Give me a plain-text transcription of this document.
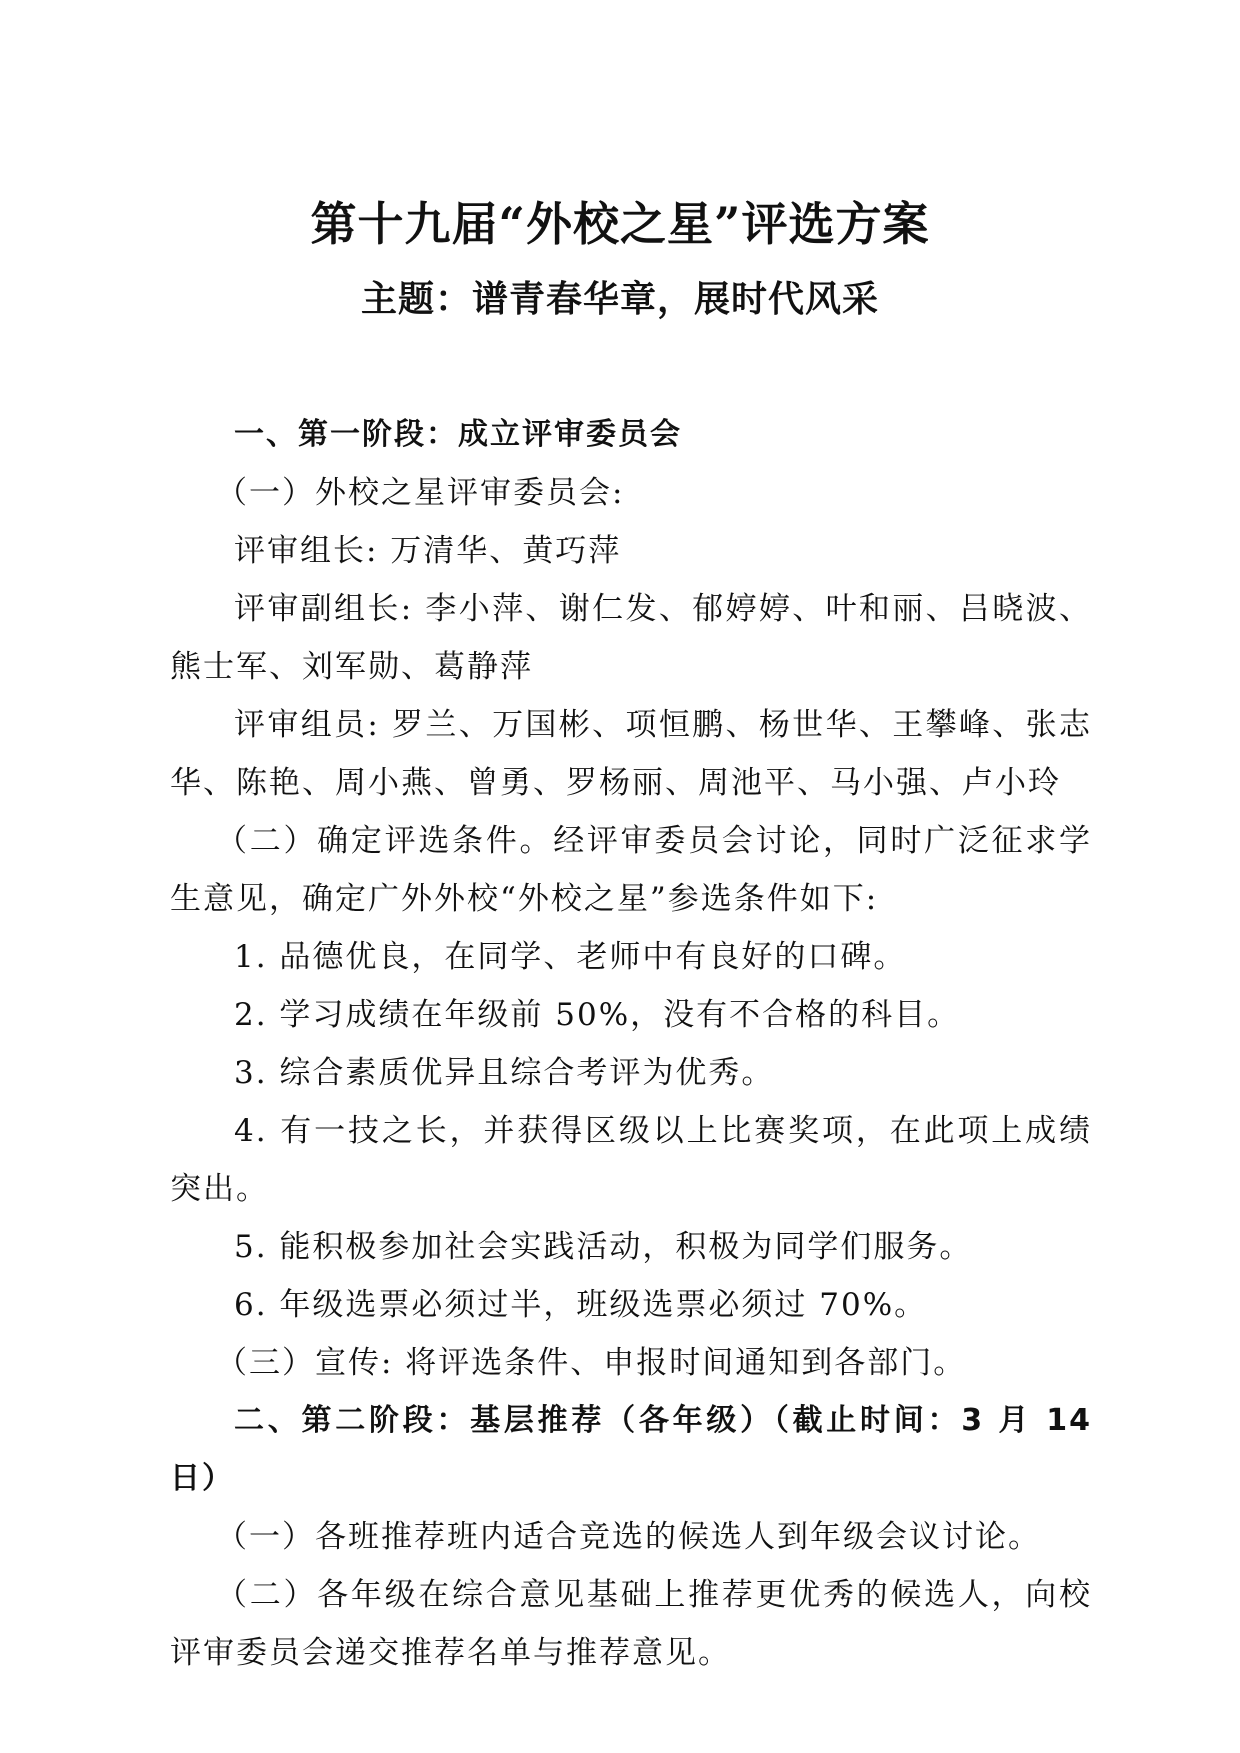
第十九届“外校之星”评选方案
主题：谱青春华章，展时代风采

一、第一阶段：成立评审委员会

（一）外校之星评审委员会:

评审组长: 万清华、黄巧萍

评审副组长: 李小萍、谢仁发、郁婷婷、叶和丽、吕晓波、熊士军、刘军勋、葛静萍

评审组员: 罗兰、万国彬、项恒鹏、杨世华、王攀峰、张志华、陈艳、周小燕、曾勇、罗杨丽、周池平、马小强、卢小玲

（二）确定评选条件。经评审委员会讨论，同时广泛征求学生意见，确定广外外校“外校之星”参选条件如下:

1. 品德优良，在同学、老师中有良好的口碑。

2. 学习成绩在年级前 50%，没有不合格的科目。

3. 综合素质优异且综合考评为优秀。

4. 有一技之长，并获得区级以上比赛奖项，在此项上成绩突出。

5. 能积极参加社会实践活动，积极为同学们服务。

6. 年级选票必须过半，班级选票必须过 70%。

（三）宣传: 将评选条件、申报时间通知到各部门。

二、第二阶段：基层推荐（各年级）（截止时间：3 月 14 日）

（一）各班推荐班内适合竞选的候选人到年级会议讨论。

（二）各年级在综合意见基础上推荐更优秀的候选人，向校评审委员会递交推荐名单与推荐意见。
